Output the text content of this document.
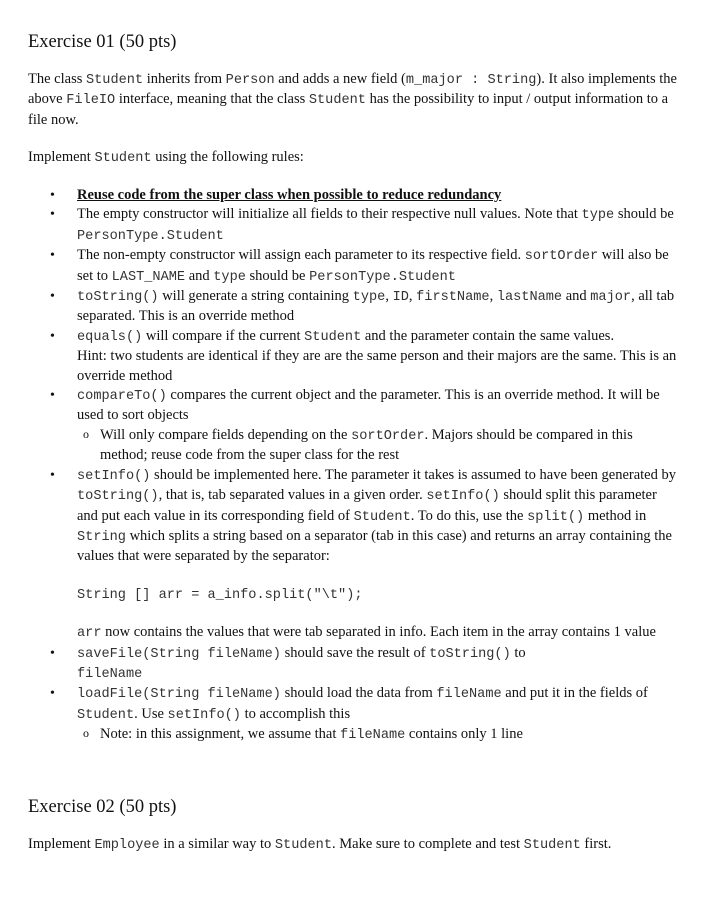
Exercise 01 (50 pts)

The class Student inherits from Person and adds a new field (m_major : String). It also implements the above FileIO interface, meaning that the class Student has the possibility to input / output information to a file now.

Implement Student using the following rules:

• Reuse code from the super class when possible to reduce redundancy
• The empty constructor will initialize all fields to their respective null values. Note that type should be PersonType.Student
• The non-empty constructor will assign each parameter to its respective field. sortOrder will also be set to LAST_NAME and type should be PersonType.Student
• toString() will generate a string containing type, ID, firstName, lastName and major, all tab separated. This is an override method
• equals() will compare if the current Student and the parameter contain the same values.
Hint: two students are identical if they are are the same person and their majors are the same. This is an override method
• compareTo() compares the current object and the parameter. This is an override method. It will be used to sort objects
o Will only compare fields depending on the sortOrder. Majors should be compared in this method; reuse code from the super class for the rest
• setInfo() should be implemented here. The parameter it takes is assumed to have been generated by toString(), that is, tab separated values in a given order. setInfo() should split this parameter and put each value in its corresponding field of Student. To do this, use the split() method in String which splits a string based on a separator (tab in this case) and returns an array containing the values that were separated by the separator:
String [] arr = a_info.split("\t");
arr now contains the values that were tab separated in info. Each item in the array contains 1 value
• saveFile(String fileName) should save the result of toString() to
fileName
• loadFile(String fileName) should load the data from fileName and put it in the fields of Student. Use setInfo() to accomplish this
o Note: in this assignment, we assume that fileName contains only 1 line
Exercise 02 (50 pts)

Implement Employee in a similar way to Student. Make sure to complete and test Student first.
